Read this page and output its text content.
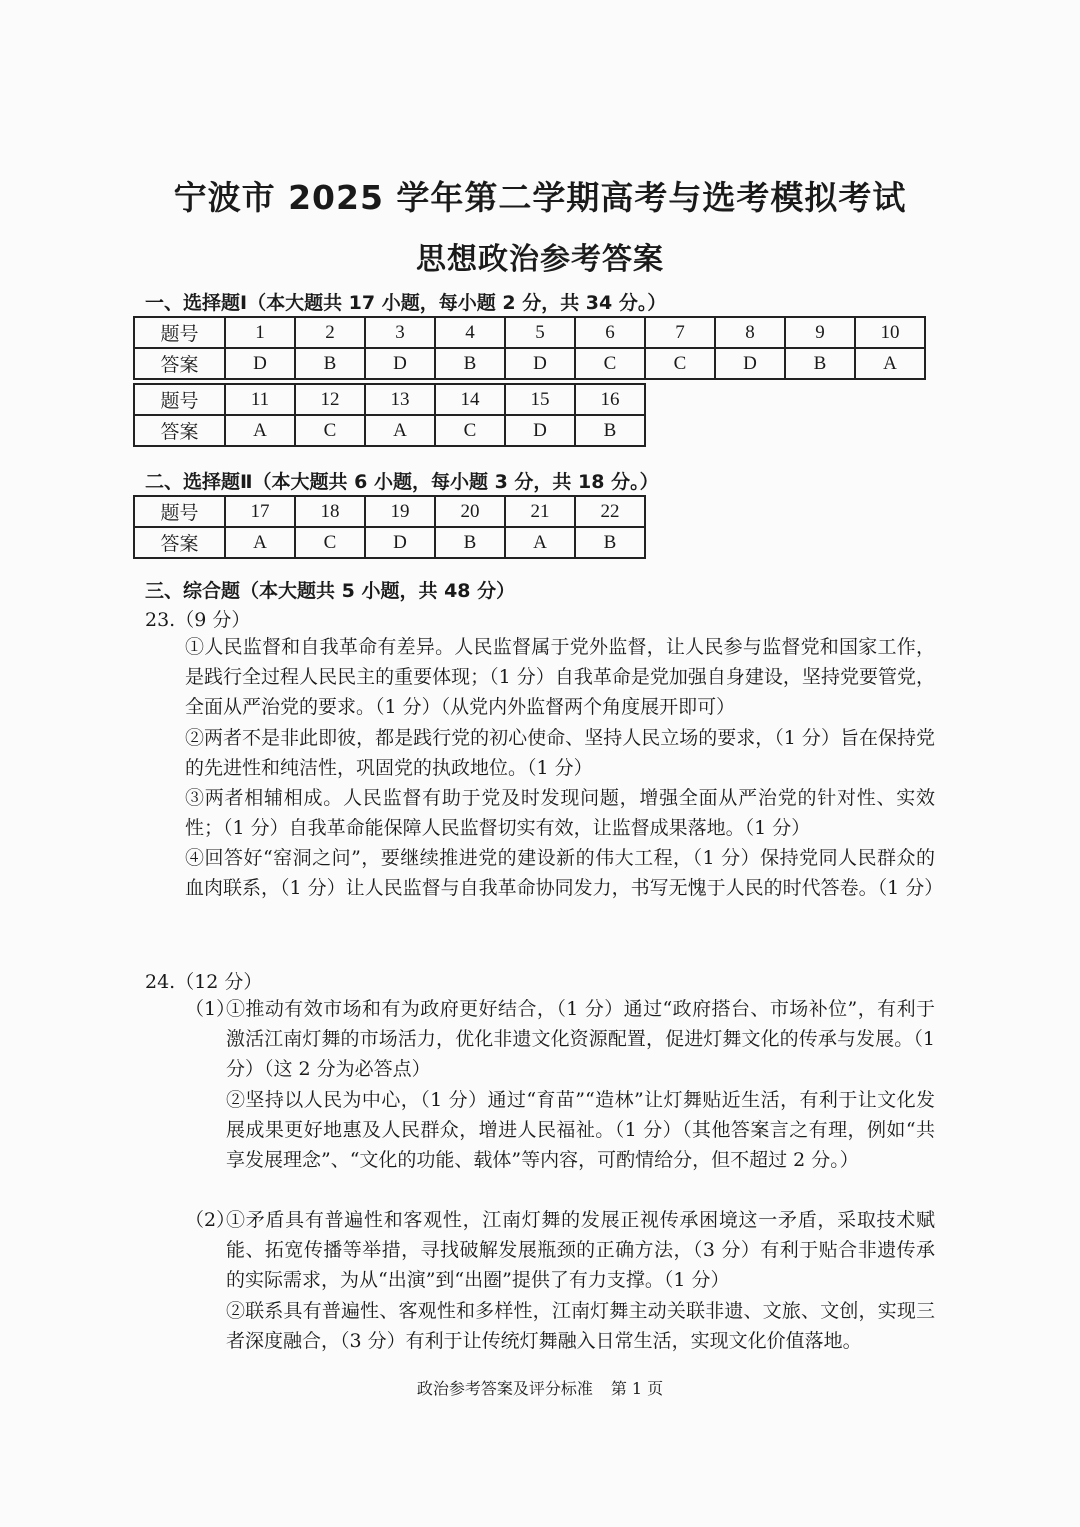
宁波市 2025 学年第二学期高考与选考模拟考试
思想政治参考答案
一、选择题Ⅰ（本大题共 17 小题，每小题 2 分，共 34 分。）
题号	1	2	3	4	5	6	7	8	9	10
答案	D	B	D	B	D	C	C	D	B	A
题号	11	12	13	14	15	16
答案	A	C	A	C	D	B
二、选择题Ⅱ（本大题共 6 小题，每小题 3 分，共 18 分。）
题号	17	18	19	20	21	22
答案	A	C	D	B	A	B
三、综合题（本大题共 5 小题，共 48 分）
23.（9 分）
①人民监督和自我革命有差异。人民监督属于党外监督，让人民参与监督党和国家工作，是践行全过程人民民主的重要体现；（1 分）自我革命是党加强自身建设，坚持党要管党，全面从严治党的要求。（1 分）（从党内外监督两个角度展开即可）
②两者不是非此即彼，都是践行党的初心使命、坚持人民立场的要求，（1 分）旨在保持党的先进性和纯洁性，巩固党的执政地位。（1 分）
③两者相辅相成。人民监督有助于党及时发现问题，增强全面从严治党的针对性、实效性；（1 分）自我革命能保障人民监督切实有效，让监督成果落地。（1 分）
④回答好“窑洞之问”，要继续推进党的建设新的伟大工程，（1 分）保持党同人民群众的血肉联系，（1 分）让人民监督与自我革命协同发力，书写无愧于人民的时代答卷。（1 分）
24.（12 分）
（1）
①推动有效市场和有为政府更好结合，（1 分）通过“政府搭台、市场补位”，有利于激活江南灯舞的市场活力，优化非遗文化资源配置，促进灯舞文化的传承与发展。（1 分）（这 2 分为必答点）
②坚持以人民为中心，（1 分）通过“育苗”“造林”让灯舞贴近生活，有利于让文化发展成果更好地惠及人民群众，增进人民福祉。（1 分）（其他答案言之有理，例如“共享发展理念”、“文化的功能、载体”等内容，可酌情给分，但不超过 2 分。）
（2）
①矛盾具有普遍性和客观性，江南灯舞的发展正视传承困境这一矛盾，采取技术赋能、拓宽传播等举措，寻找破解发展瓶颈的正确方法，（3 分）有利于贴合非遗传承的实际需求，为从“出演”到“出圈”提供了有力支撑。（1 分）
②联系具有普遍性、客观性和多样性，江南灯舞主动关联非遗、文旅、文创，实现三者深度融合，（3 分）有利于让传统灯舞融入日常生活，实现文化价值落地。
政治参考答案及评分标准 第 1 页
